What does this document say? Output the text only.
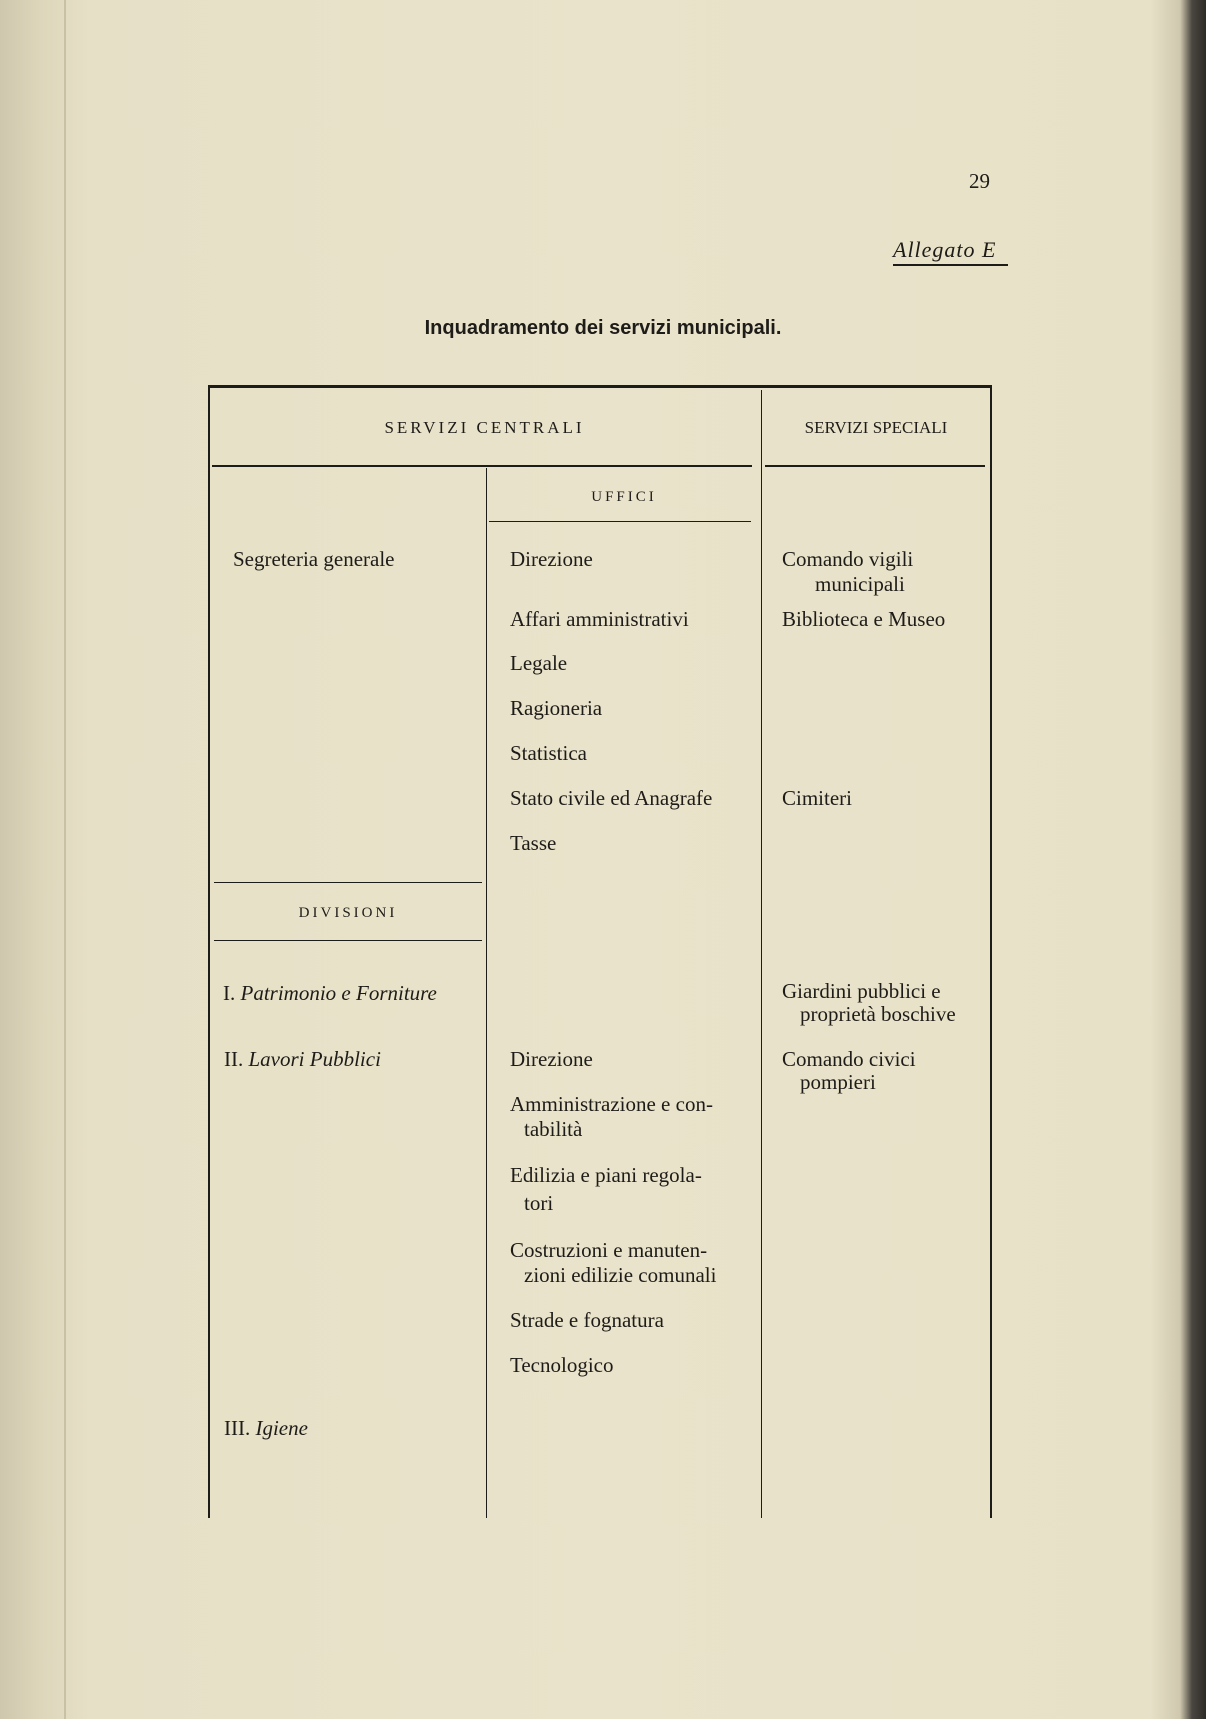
29
Allegato E
Inquadramento dei servizi municipali.
SERVIZI CENTRALI	SERVIZI SPECIALI
UFFICI
Segreteria generale	Direzione
Affari amministrativi
Legale
Ragioneria
Statistica
Stato civile ed Anagrafe
Tasse
Comando vigili
municipali
Biblioteca e Museo
Cimiteri
DIVISIONI
I. Patrimonio e Forniture
II. Lavori Pubblici
III. Igiene
Direzione
Amministrazione e con-
tabilità
Edilizia e piani regola-
tori
Costruzioni e manuten-
zioni edilizie comunali
Strade e fognatura
Tecnologico
Giardini pubblici e
proprietà boschive
Comando civici
pompieri
